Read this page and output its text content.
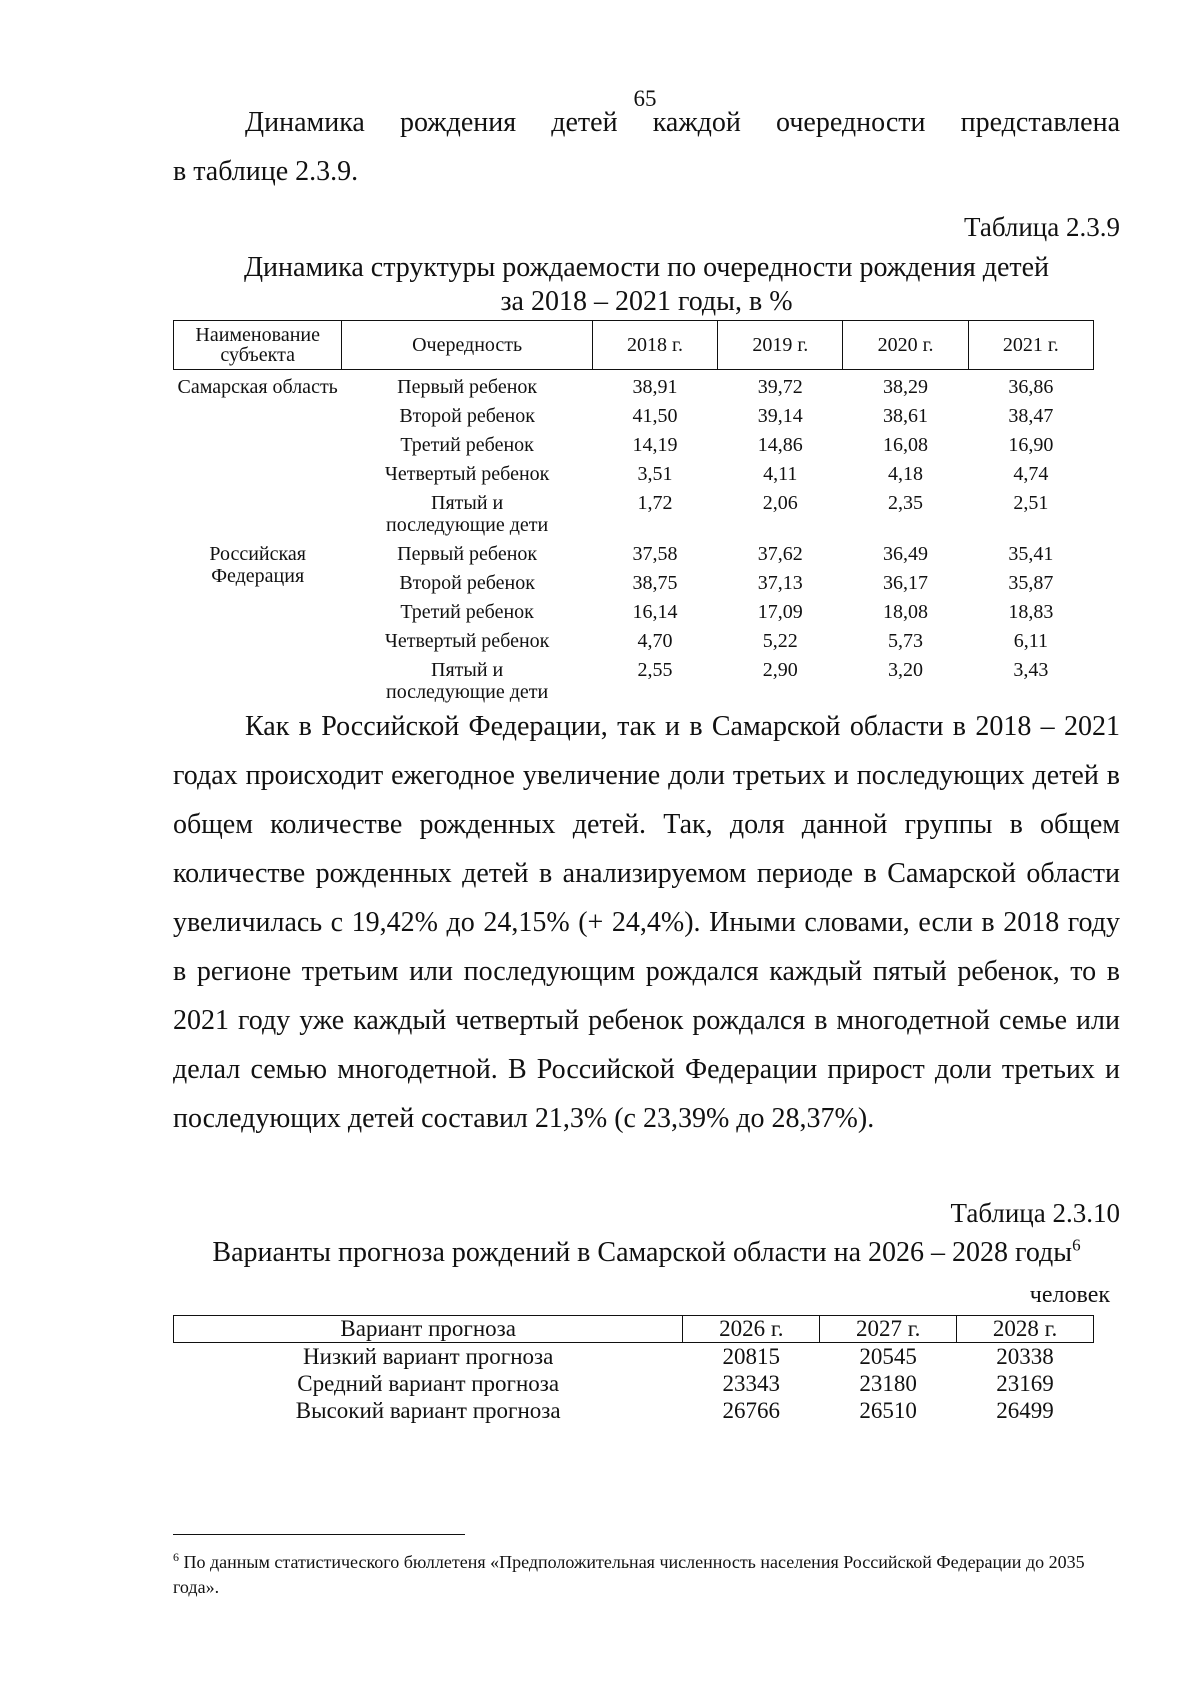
65

Динамика рождения детей каждой очередности представлена

в таблице 2.3.9.

Таблица 2.3.9
Динамика структуры рождаемости по очередности рождения детей
за 2018 – 2021 годы, в %
Наименование субъекта	Очередность	2018 г.	2019 г.	2020 г.	2021 г.

Самарская область	Первый ребенок	38,91	39,72	38,29	36,86
	Второй ребенок	41,50	39,14	38,61	38,47
	Третий ребенок	14,19	14,86	16,08	16,90
	Четвертый ребенок	3,51	4,11	4,18	4,74
	Пятый и последующие дети	1,72	2,06	2,35	2,51
Российская Федерация	Первый ребенок	37,58	37,62	36,49	35,41
	Второй ребенок	38,75	37,13	36,17	35,87
	Третий ребенок	16,14	17,09	18,08	18,83
	Четвертый ребенок	4,70	5,22	5,73	6,11
	Пятый и последующие дети	2,55	2,90	3,20	3,43

Как в Российской Федерации, так и в Самарской области в 2018 – 2021 годах происходит ежегодное увеличение доли третьих и последующих детей в общем количестве рожденных детей. Так, доля данной группы в общем количестве рожденных детей в анализируемом периоде в Самарской области увеличилась с 19,42% до 24,15% (+ 24,4%). Иными словами, если в 2018 году в регионе третьим или последующим рождался каждый пятый ребенок, то в 2021 году уже каждый четвертый ребенок рождался в многодетной семье или делал семью многодетной. В Российской Федерации прирост доли третьих и последующих детей составил 21,3% (с 23,39% до 28,37%).

Таблица 2.3.10
Варианты прогноза рождений в Самарской области на 2026 – 2028 годы$^6$
человек
Вариант прогноза	2026 г.	2027 г.	2028 г.
Низкий вариант прогноза	20815	20545	20338
Средний вариант прогноза	23343	23180	23169
Высокий вариант прогноза	26766	26510	26499
$^6$ По данным статистического бюллетеня «Предположительная численность населения Российской Федерации до 2035 года».
